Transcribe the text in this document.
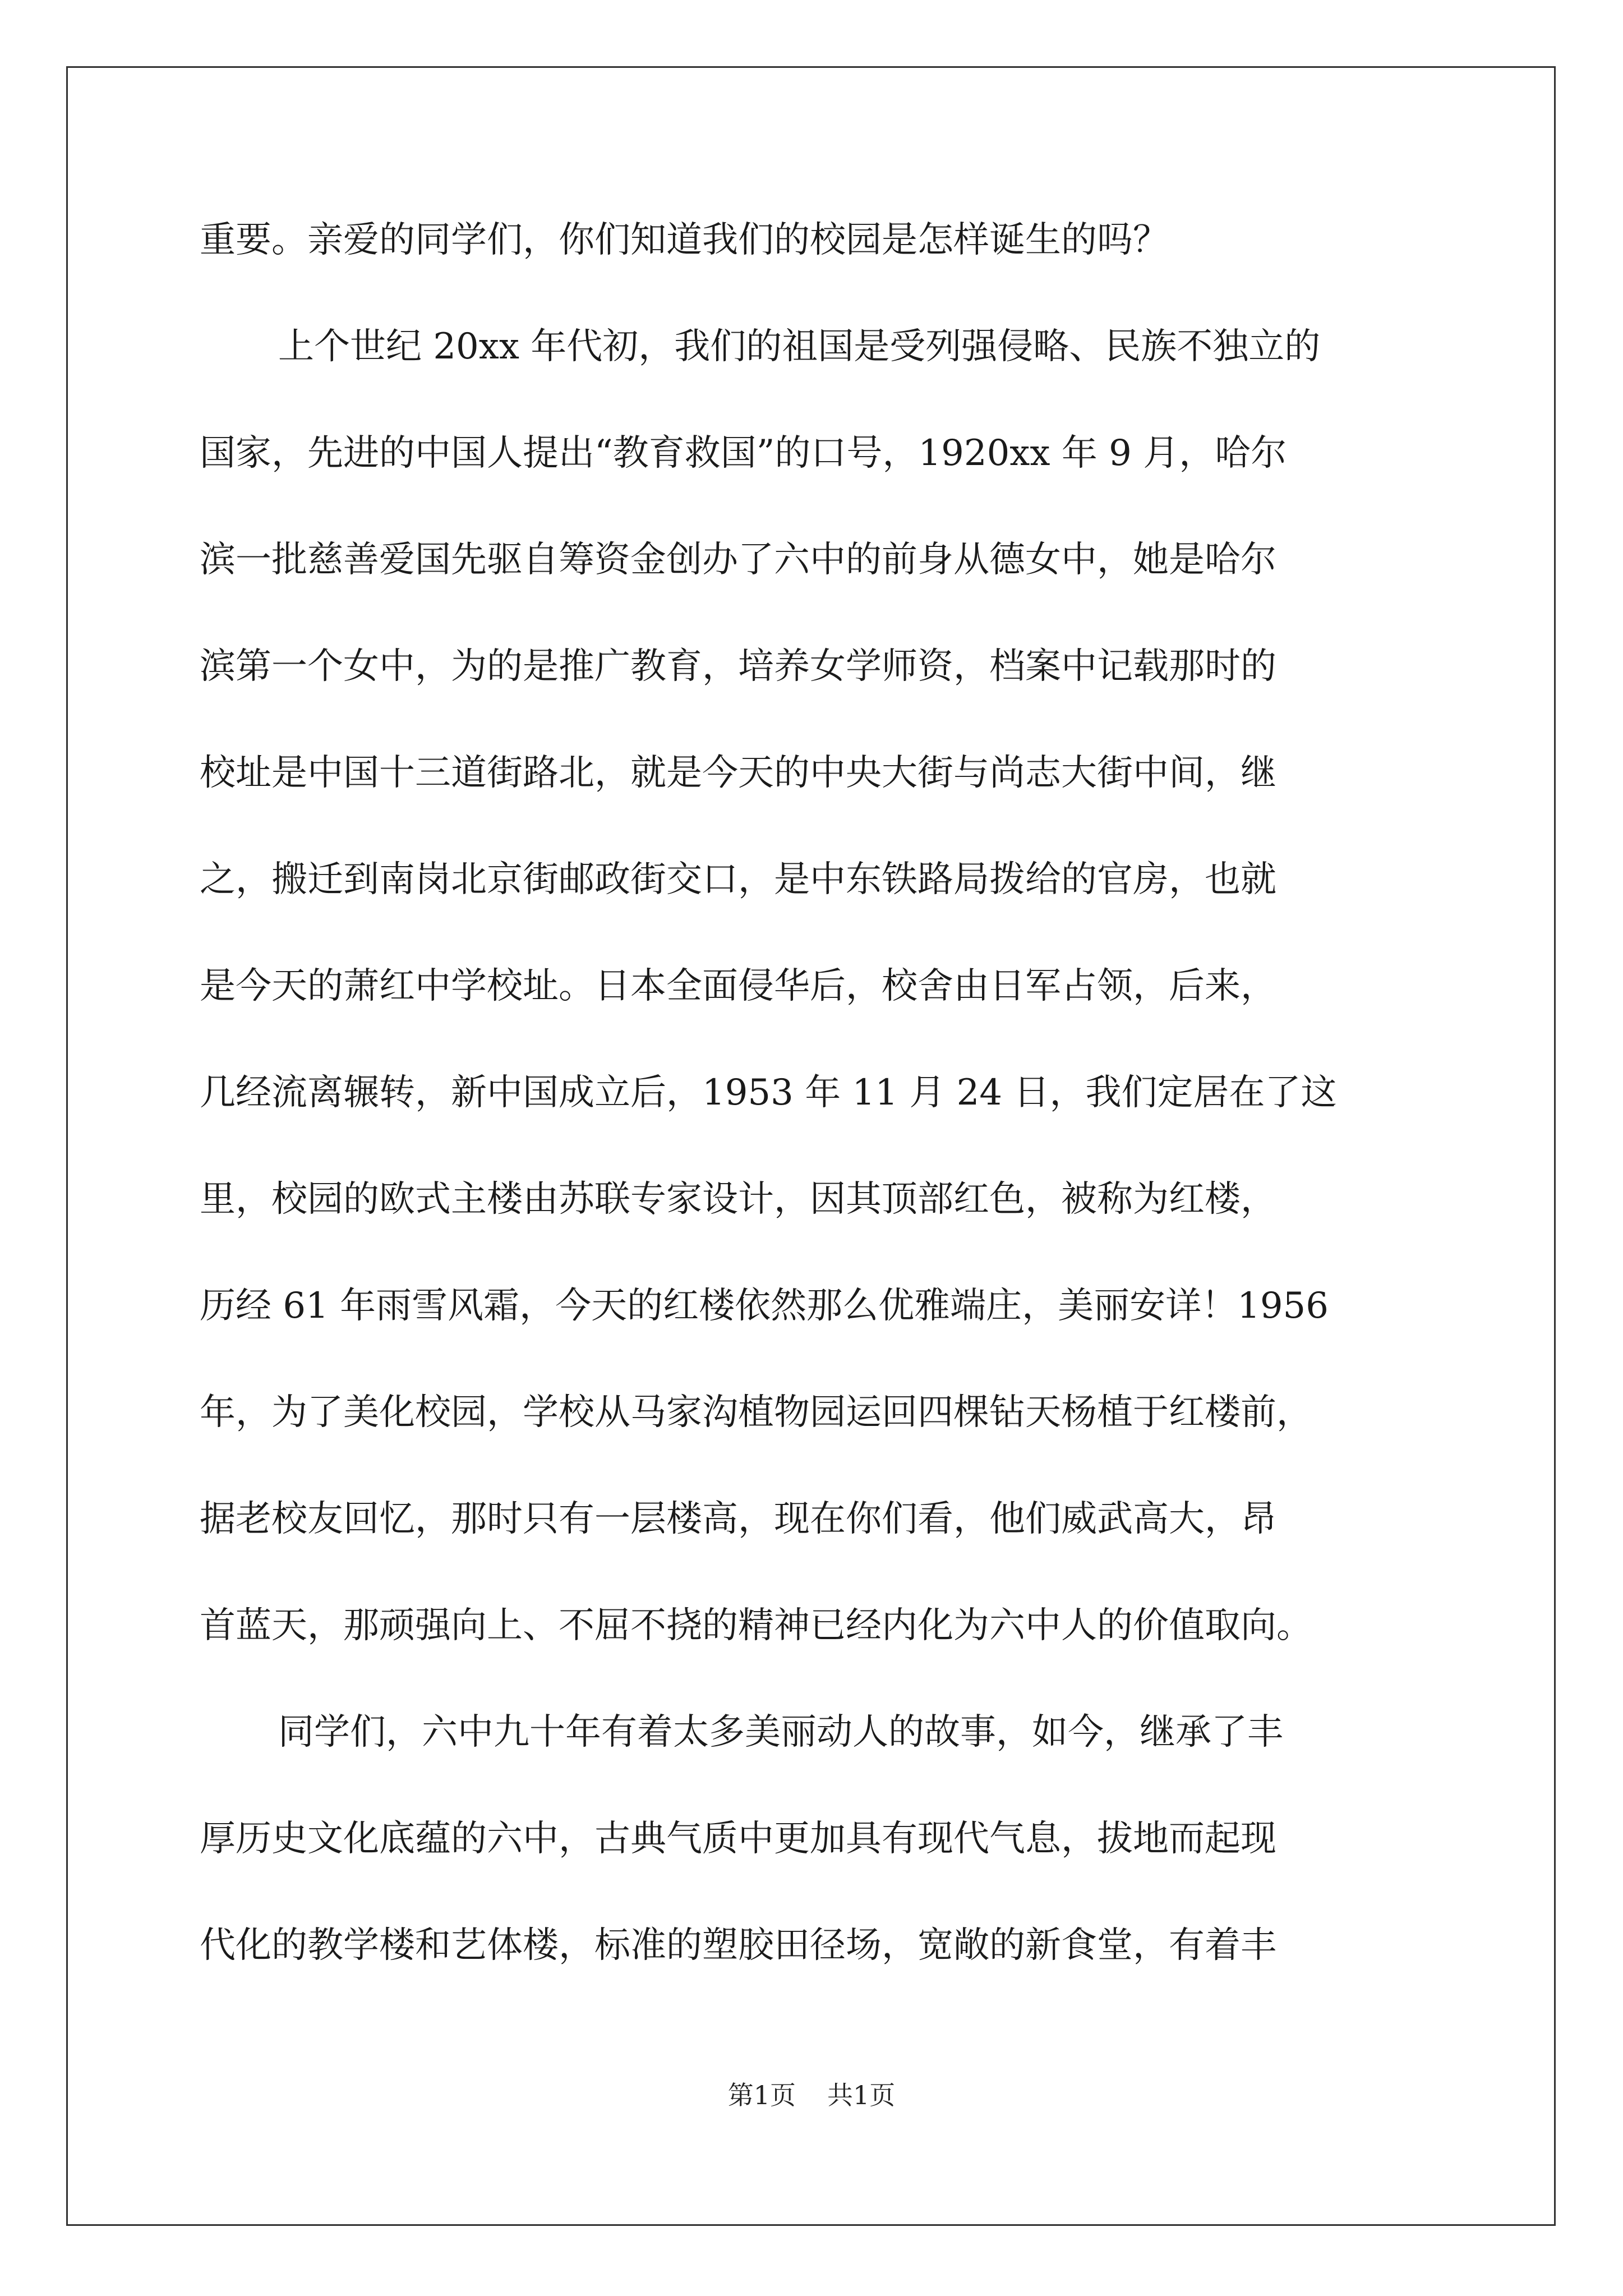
重要。亲爱的同学们，你们知道我们的校园是怎样诞生的吗？
上个世纪 20xx 年代初，我们的祖国是受列强侵略、民族不独立的
国家，先进的中国人提出“教育救国”的口号，1920xx 年 9 月，哈尔
滨一批慈善爱国先驱自筹资金创办了六中的前身从德女中，她是哈尔
滨第一个女中，为的是推广教育，培养女学师资，档案中记载那时的
校址是中国十三道街路北，就是今天的中央大街与尚志大街中间，继
之，搬迁到南岗北京街邮政街交口，是中东铁路局拨给的官房，也就
是今天的萧红中学校址。日本全面侵华后，校舍由日军占领，后来，
几经流离辗转，新中国成立后，1953 年 11 月 24 日，我们定居在了这
里，校园的欧式主楼由苏联专家设计，因其顶部红色，被称为红楼，
历经 61 年雨雪风霜，今天的红楼依然那么优雅端庄，美丽安详！1956
年，为了美化校园，学校从马家沟植物园运回四棵钻天杨植于红楼前，
据老校友回忆，那时只有一层楼高，现在你们看，他们威武高大，昂
首蓝天，那顽强向上、不屈不挠的精神已经内化为六中人的价值取向。
同学们，六中九十年有着太多美丽动人的故事，如今，继承了丰
厚历史文化底蕴的六中，古典气质中更加具有现代气息，拔地而起现
代化的教学楼和艺体楼，标准的塑胶田径场，宽敞的新食堂，有着丰
第1页 共1页
